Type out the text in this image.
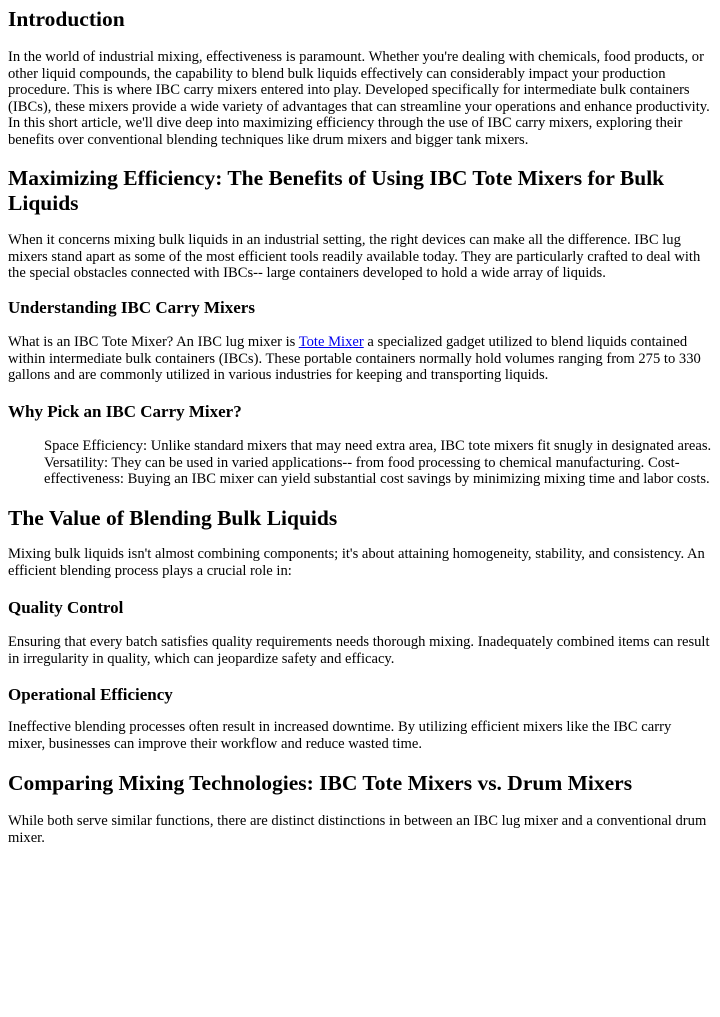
Introduction

In the world of industrial mixing, effectiveness is paramount. Whether you're dealing with chemicals, food products, or other liquid compounds, the capability to blend bulk liquids effectively can considerably impact your production procedure. This is where IBC carry mixers entered into play. Developed specifically for intermediate bulk containers (IBCs), these mixers provide a wide variety of advantages that can streamline your operations and enhance productivity. In this short article, we'll dive deep into maximizing efficiency through the use of IBC carry mixers, exploring their benefits over conventional blending techniques like drum mixers and bigger tank mixers.

Maximizing Efficiency: The Benefits of Using IBC Tote Mixers for Bulk Liquids

When it concerns mixing bulk liquids in an industrial setting, the right devices can make all the difference. IBC lug mixers stand apart as some of the most efficient tools readily available today. They are particularly crafted to deal with the special obstacles connected with IBCs-- large containers developed to hold a wide array of liquids.

Understanding IBC Carry Mixers

What is an IBC Tote Mixer? An IBC lug mixer is Tote Mixer a specialized gadget utilized to blend liquids contained within intermediate bulk containers (IBCs). These portable containers normally hold volumes ranging from 275 to 330 gallons and are commonly utilized in various industries for keeping and transporting liquids.

Why Pick an IBC Carry Mixer?

Space Efficiency: Unlike standard mixers that may need extra area, IBC tote mixers fit snugly in designated areas. Versatility: They can be used in varied applications-- from food processing to chemical manufacturing. Cost-effectiveness: Buying an IBC mixer can yield substantial cost savings by minimizing mixing time and labor costs.

The Value of Blending Bulk Liquids

Mixing bulk liquids isn't almost combining components; it's about attaining homogeneity, stability, and consistency. An efficient blending process plays a crucial role in:

Quality Control

Ensuring that every batch satisfies quality requirements needs thorough mixing. Inadequately combined items can result in irregularity in quality, which can jeopardize safety and efficacy.

Operational Efficiency

Ineffective blending processes often result in increased downtime. By utilizing efficient mixers like the IBC carry mixer, businesses can improve their workflow and reduce wasted time.

Comparing Mixing Technologies: IBC Tote Mixers vs. Drum Mixers

While both serve similar functions, there are distinct distinctions in between an IBC lug mixer and a conventional drum mixer.
